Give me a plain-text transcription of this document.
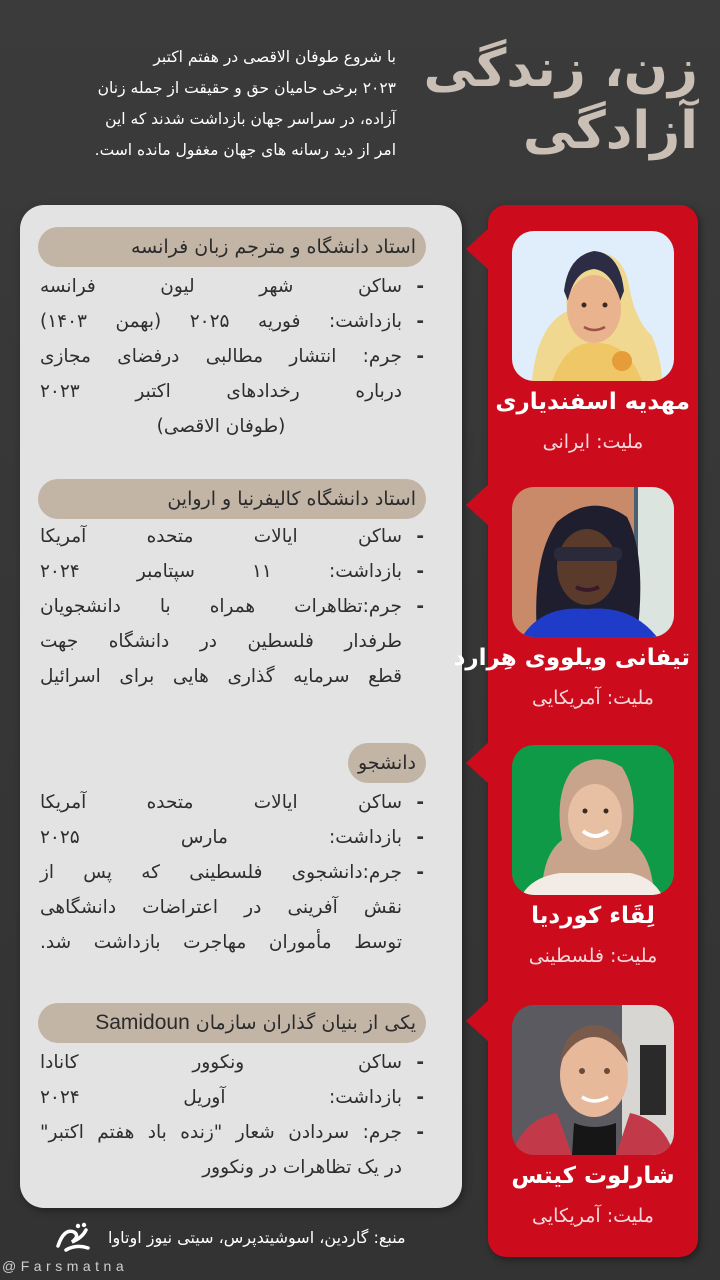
زن، زندگی
آزادگی
با شروع طوفان الاقصی در هفتم اکتبر
۲۰۲۳ برخی حامیان حق و حقیقت از جمله زنان
آزاده، در سراسر جهان بازداشت شدند که این
امر از دید رسانه های جهان مغفول مانده است.
استاد دانشگاه و مترجم زبان فرانسه
-
ساکن شهر لیون فرانسه
-
بازداشت: فوریه ۲۰۲۵ (بهمن ۱۴۰۳)
-
جرم: انتشار مطالبی درفضای مجازی
درباره رخدادهای اکتبر ۲۰۲۳
(طوفان الاقصی)
استاد دانشگاه کالیفرنیا و ارواین
-
ساکن ایالات متحده آمریکا
-
بازداشت: ۱۱ سپتامبر ۲۰۲۴
-
جرم:تظاهرات همراه با دانشجویان
طرفدار فلسطین در دانشگاه جهت
قطع سرمایه گذاری هایی برای اسرائیل
دانشجو
-
ساکن ایالات متحده آمریکا
-
بازداشت: مارس ۲۰۲۵
-
جرم:دانشجوی فلسطینی که پس از
نقش آفرینی در اعتراضات دانشگاهی
توسط مأموران مهاجرت بازداشت شد.
یکی از بنیان گذاران سازمان
Samidoun
-
ساکن ونکوور کانادا
-
بازداشت: آوریل ۲۰۲۴
-
جرم: سردادن شعار "زنده باد هفتم اکتبر"
در یک تظاهرات در ونکوور
مهدیه اسفندیاری
ملیت: ایرانی
تیفانی ویلووی هِرارد
ملیت: آمریکایی
لِقَاء کوردیا
ملیت: فلسطینی
شارلوت کیتس
ملیت: آمریکایی
منبع: گاردین، اسوشیتدپرس، سیتی نیوز اوتاوا
@Farsmatna
